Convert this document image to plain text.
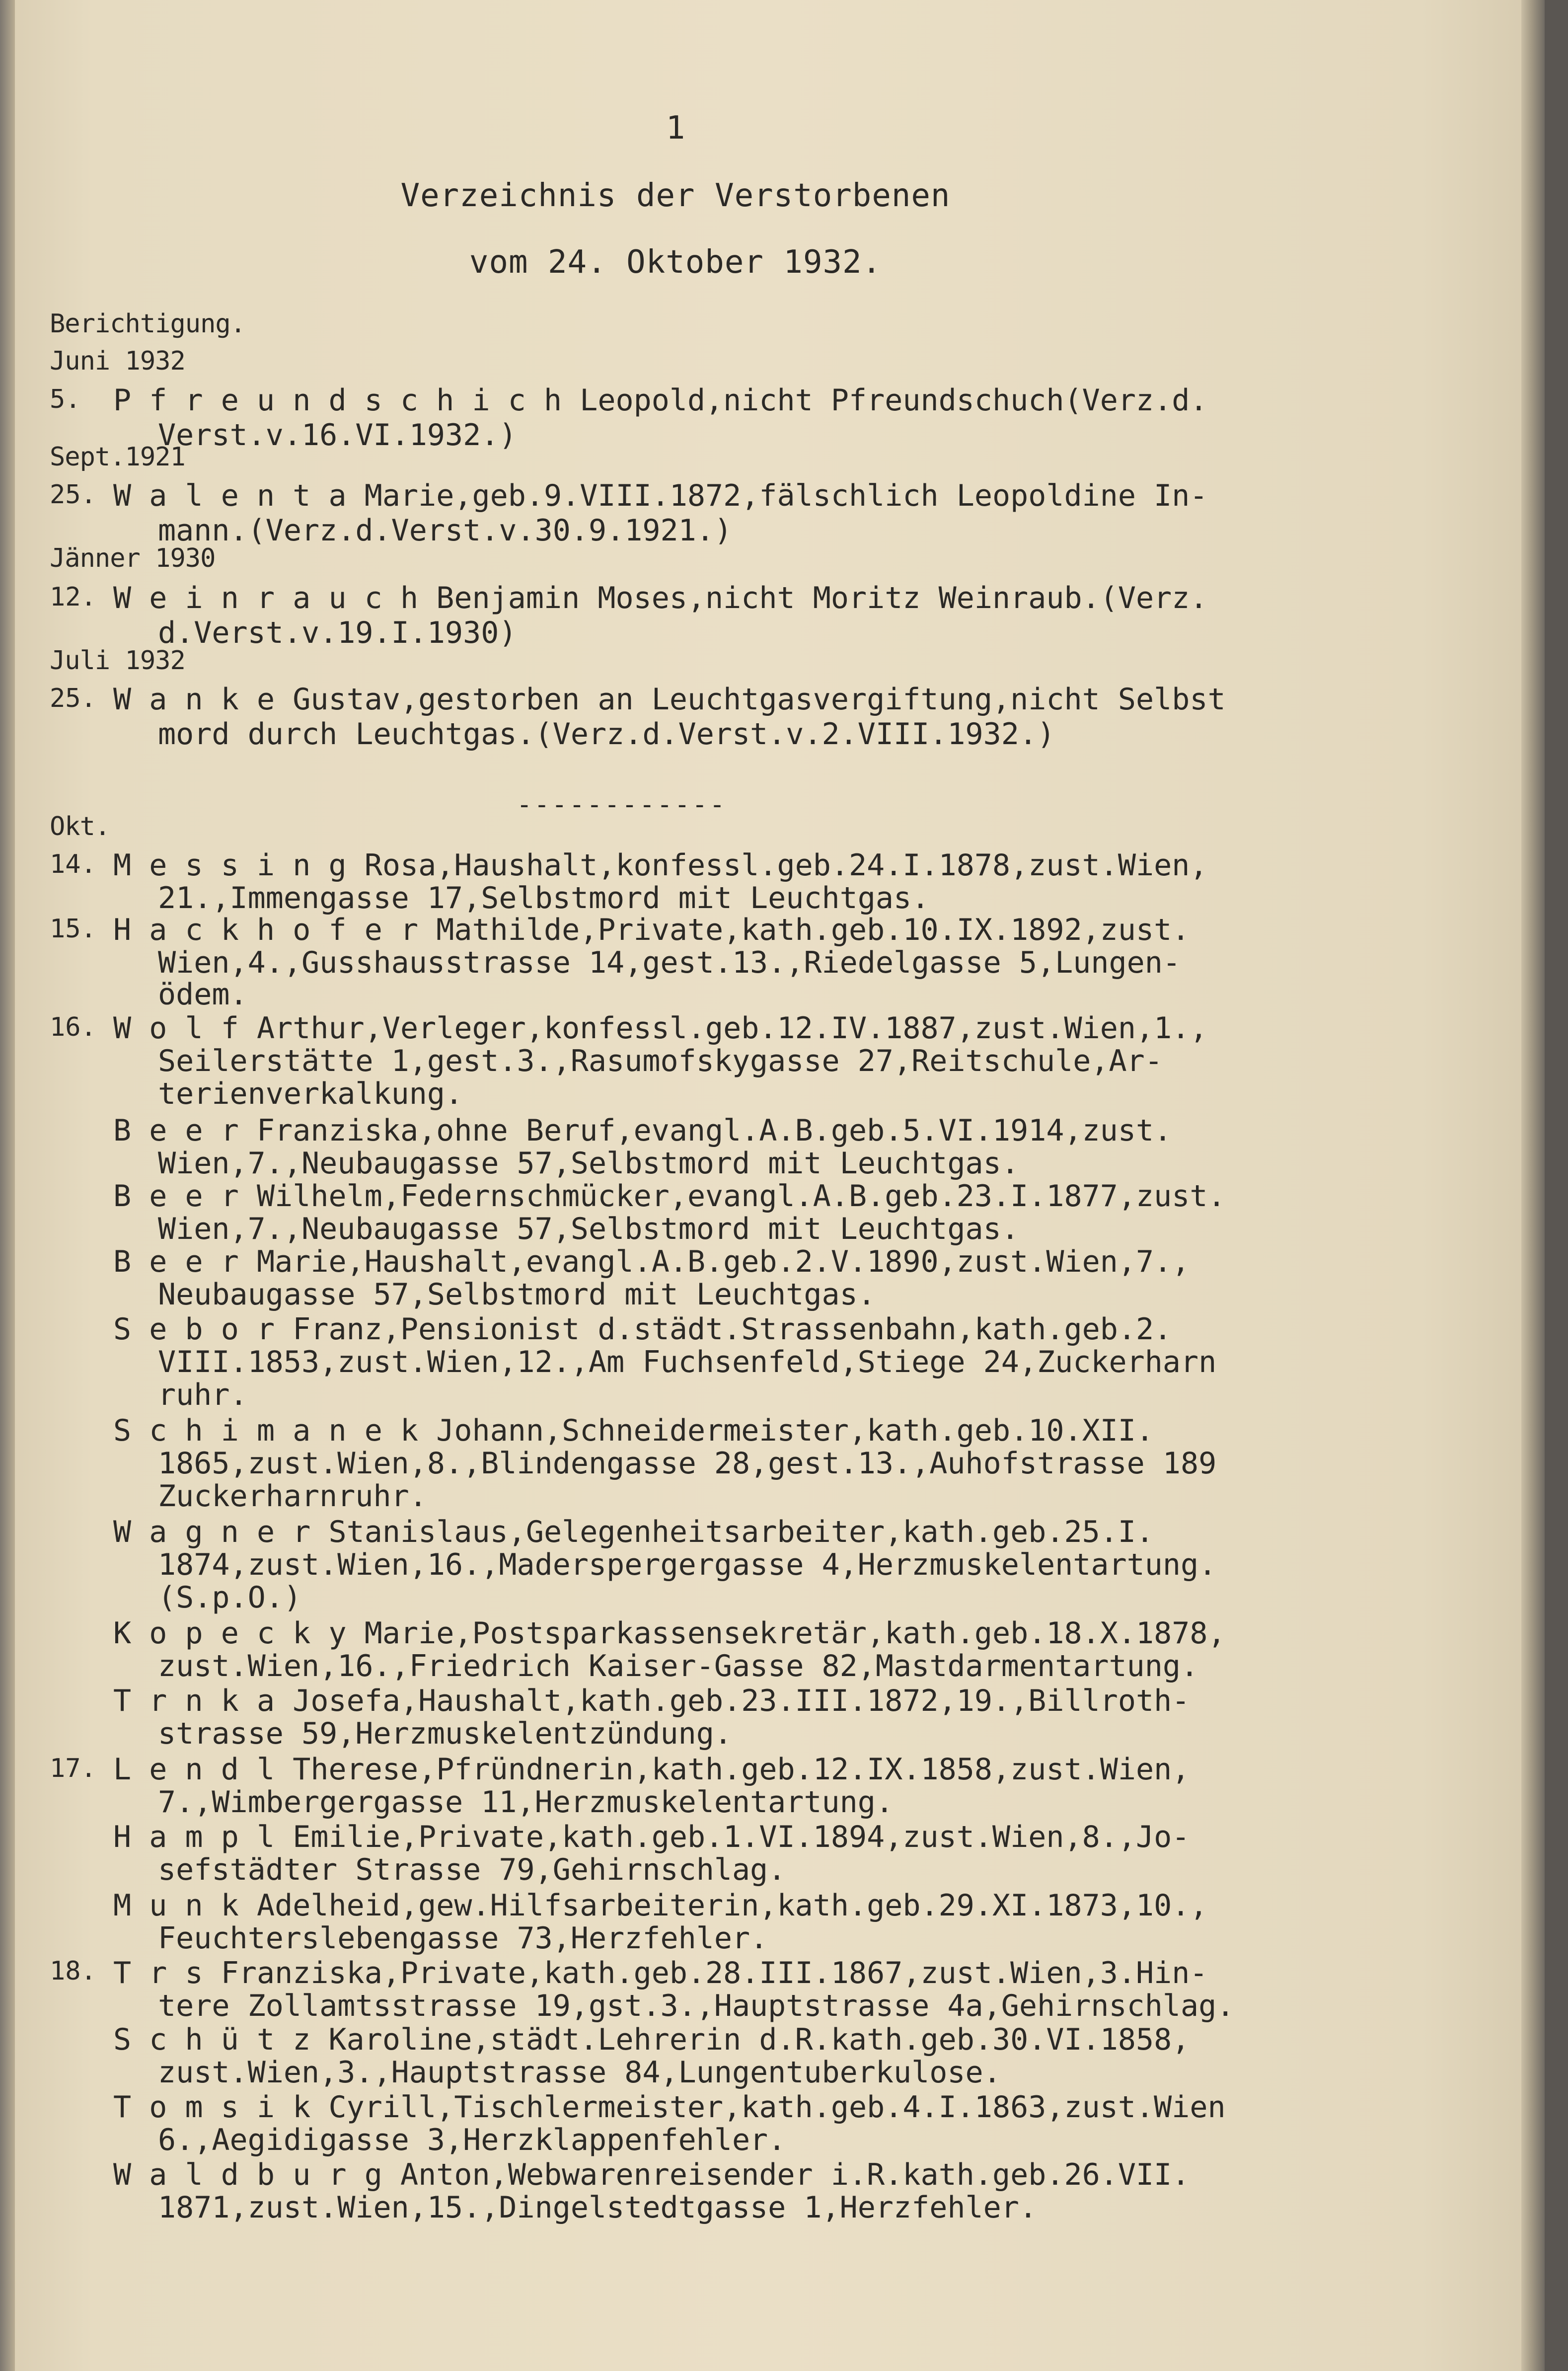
1
Verzeichnis der Verstorbenen
vom 24. Oktober 1932.
Berichtigung.
Juni 1932
5. P f r e u n d s c h i c h Leopold,nicht Pfreundschuch(Verz.d.
Verst.v.16.VI.1932.)
Sept.1921
25. W a l e n t a Marie,geb.9.VIII.1872,fälschlich Leopoldine In-
mann.(Verz.d.Verst.v.30.9.1921.)
Jänner 1930
12. W e i n r a u c h Benjamin Moses,nicht Moritz Weinraub.(Verz.
d.Verst.v.19.I.1930)
Juli 1932
25. W a n k e Gustav,gestorben an Leuchtgasvergiftung,nicht Selbst
mord durch Leuchtgas.(Verz.d.Verst.v.2.VIII.1932.)
------------
Okt.
14. M e s s i n g Rosa,Haushalt,konfessl.geb.24.I.1878,zust.Wien,
21.,Immengasse 17,Selbstmord mit Leuchtgas.
15. H a c k h o f e r Mathilde,Private,kath.geb.10.IX.1892,zust.
Wien,4.,Gusshausstrasse 14,gest.13.,Riedelgasse 5,Lungen-
ödem.
16. W o l f Arthur,Verleger,konfessl.geb.12.IV.1887,zust.Wien,1.,
Seilerstätte 1,gest.3.,Rasumofskygasse 27,Reitschule,Ar-
terienverkalkung.
B e e r Franziska,ohne Beruf,evangl.A.B.geb.5.VI.1914,zust.
Wien,7.,Neubaugasse 57,Selbstmord mit Leuchtgas.
B e e r Wilhelm,Federnschmücker,evangl.A.B.geb.23.I.1877,zust.
Wien,7.,Neubaugasse 57,Selbstmord mit Leuchtgas.
B e e r Marie,Haushalt,evangl.A.B.geb.2.V.1890,zust.Wien,7.,
Neubaugasse 57,Selbstmord mit Leuchtgas.
S e b o r Franz,Pensionist d.städt.Strassenbahn,kath.geb.2.
VIII.1853,zust.Wien,12.,Am Fuchsenfeld,Stiege 24,Zuckerharn
ruhr.
S c h i m a n e k Johann,Schneidermeister,kath.geb.10.XII.
1865,zust.Wien,8.,Blindengasse 28,gest.13.,Auhofstrasse 189
Zuckerharnruhr.
W a g n e r Stanislaus,Gelegenheitsarbeiter,kath.geb.25.I.
1874,zust.Wien,16.,Maderspergergasse 4,Herzmuskelentartung.
(S.p.O.)
K o p e c k y Marie,Postsparkassensekretär,kath.geb.18.X.1878,
zust.Wien,16.,Friedrich Kaiser-Gasse 82,Mastdarmentartung.
T r n k a Josefa,Haushalt,kath.geb.23.III.1872,19.,Billroth-
strasse 59,Herzmuskelentzündung.
17. L e n d l Therese,Pfründnerin,kath.geb.12.IX.1858,zust.Wien,
7.,Wimbergergasse 11,Herzmuskelentartung.
H a m p l Emilie,Private,kath.geb.1.VI.1894,zust.Wien,8.,Jo-
sefstädter Strasse 79,Gehirnschlag.
M u n k Adelheid,gew.Hilfsarbeiterin,kath.geb.29.XI.1873,10.,
Feuchterslebengasse 73,Herzfehler.
18. T r s Franziska,Private,kath.geb.28.III.1867,zust.Wien,3.Hin-
tere Zollamtsstrasse 19,gst.3.,Hauptstrasse 4a,Gehirnschlag.
S c h ü t z Karoline,städt.Lehrerin d.R.kath.geb.30.VI.1858,
zust.Wien,3.,Hauptstrasse 84,Lungentuberkulose.
T o m s i k Cyrill,Tischlermeister,kath.geb.4.I.1863,zust.Wien
6.,Aegidigasse 3,Herzklappenfehler.
W a l d b u r g Anton,Webwarenreisender i.R.kath.geb.26.VII.
1871,zust.Wien,15.,Dingelstedtgasse 1,Herzfehler.
